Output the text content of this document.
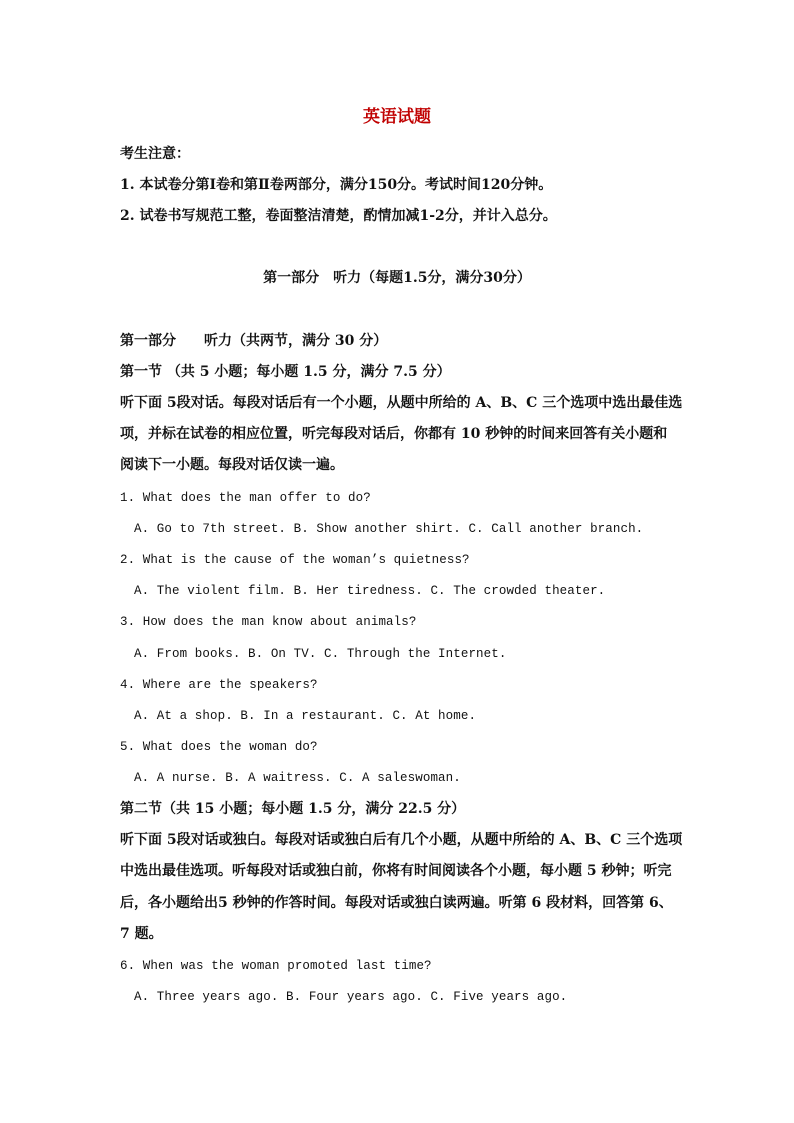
英语试题
考生注意：
1. 本试卷分第Ⅰ卷和第Ⅱ卷两部分，满分150分。考试时间120分钟。
2. 试卷书写规范工整，卷面整洁清楚，酌情加减1-2分，并计入总分。
第一部分　听力（每题1.5分，满分30分）
第一部分　　听力（共两节，满分 30 分）
第一节 （共 5 小题；每小题 1.5 分，满分 7.5 分）
听下面 5段对话。每段对话后有一个小题，从题中所给的 A、B、C 三个选项中选出最佳选
项，并标在试卷的相应位置，听完每段对话后，你都有 10 秒钟的时间来回答有关小题和
阅读下一小题。每段对话仅读一遍。
1. What does the man offer to do?
A. Go to 7th street. B. Show another shirt. C. Call another branch.
2. What is the cause of the woman’s quietness?
A. The violent film. B. Her tiredness. C. The crowded theater.
3. How does the man know about animals?
A. From books. B. On TV. C. Through the Internet.
4. Where are the speakers?
A. At a shop. B. In a restaurant. C. At home.
5. What does the woman do?
A. A nurse. B. A waitress. C. A saleswoman.
第二节（共 15 小题；每小题 1.5 分，满分 22.5 分）
听下面 5段对话或独白。每段对话或独白后有几个小题，从题中所给的 A、B、C 三个选项
中选出最佳选项。听每段对话或独白前，你将有时间阅读各个小题，每小题 5 秒钟；听完
后，各小题给出5 秒钟的作答时间。每段对话或独白读两遍。听第 6 段材料，回答第 6、
7 题。
6. When was the woman promoted last time?
A. Three years ago. B. Four years ago. C. Five years ago.
